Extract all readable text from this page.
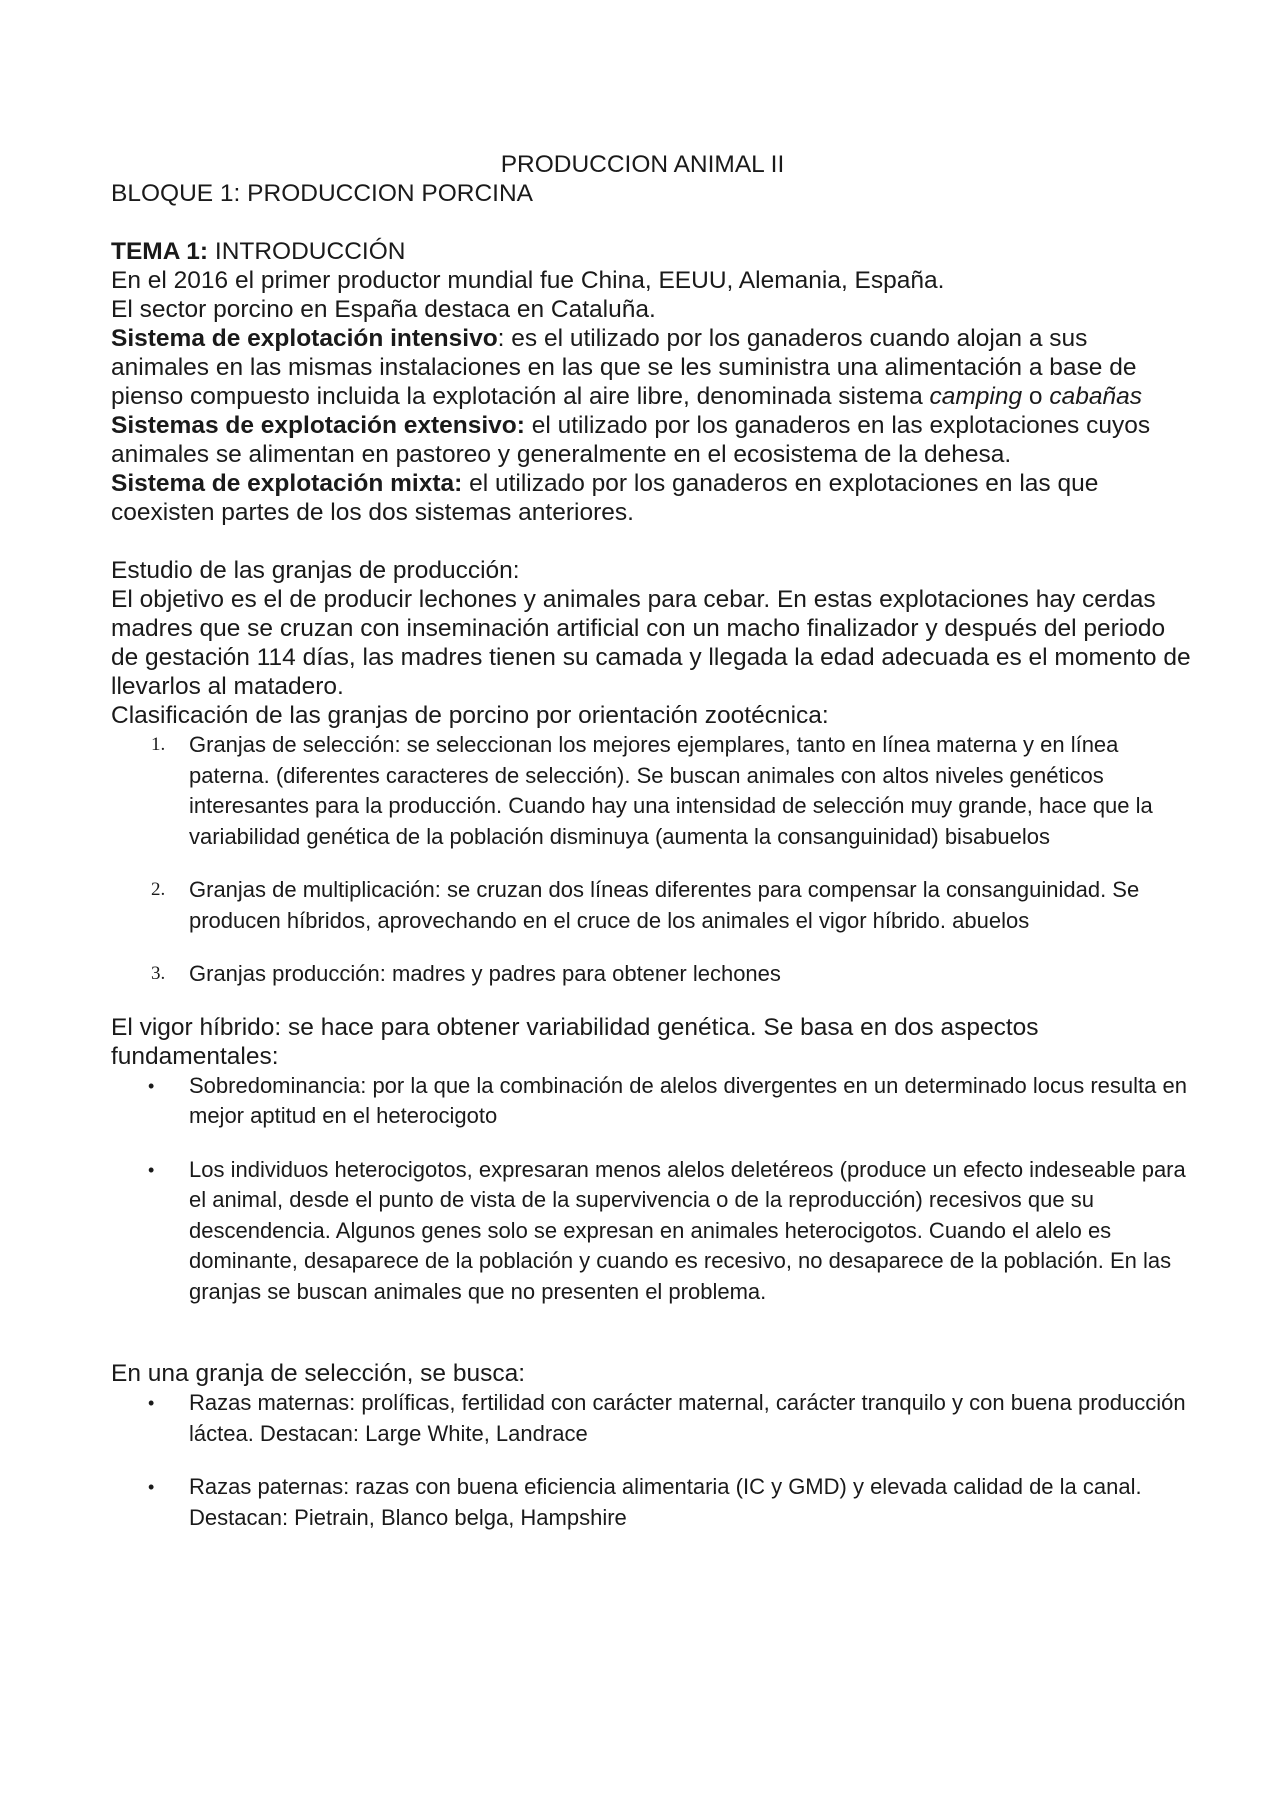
PRODUCCION ANIMAL II

BLOQUE 1: PRODUCCION PORCINA

TEMA 1: INTRODUCCIÓN

En el 2016 el primer productor mundial fue China, EEUU, Alemania, España.

El sector porcino en España destaca en Cataluña.

Sistema de explotación intensivo: es el utilizado por los ganaderos cuando alojan a sus animales en las mismas instalaciones en las que se les suministra una alimentación a base de pienso compuesto incluida la explotación al aire libre, denominada sistema camping o cabañas

Sistemas de explotación extensivo: el utilizado por los ganaderos en las explotaciones cuyos animales se alimentan en pastoreo y generalmente en el ecosistema de la dehesa.

Sistema de explotación mixta: el utilizado por los ganaderos en explotaciones en las que coexisten partes de los dos sistemas anteriores.

Estudio de las granjas de producción:

El objetivo es el de producir lechones y animales para cebar. En estas explotaciones hay cerdas madres que se cruzan con inseminación artificial con un macho finalizador y después del periodo de gestación 114 días, las madres tienen su camada y llegada la edad adecuada es el momento de llevarlos al matadero.

Clasificación de las granjas de porcino por orientación zootécnica:

1. Granjas de selección: se seleccionan los mejores ejemplares, tanto en línea materna y en línea paterna. (diferentes caracteres de selección). Se buscan animales con altos niveles genéticos interesantes para la producción. Cuando hay una intensidad de selección muy grande, hace que la variabilidad genética de la población disminuya (aumenta la consanguinidad) bisabuelos
2. Granjas de multiplicación: se cruzan dos líneas diferentes para compensar la consanguinidad. Se producen híbridos, aprovechando en el cruce de los animales el vigor híbrido. abuelos
3. Granjas producción: madres y padres para obtener lechones

El vigor híbrido: se hace para obtener variabilidad genética. Se basa en dos aspectos fundamentales:

• Sobredominancia: por la que la combinación de alelos divergentes en un determinado locus resulta en mejor aptitud en el heterocigoto
• Los individuos heterocigotos, expresaran menos alelos deletéreos (produce un efecto indeseable para el animal, desde el punto de vista de la supervivencia o de la reproducción) recesivos que su descendencia. Algunos genes solo se expresan en animales heterocigotos. Cuando el alelo es dominante, desaparece de la población y cuando es recesivo, no desaparece de la población. En las granjas se buscan animales que no presenten el problema.

En una granja de selección, se busca:

• Razas maternas: prolíficas, fertilidad con carácter maternal, carácter tranquilo y con buena producción láctea. Destacan: Large White, Landrace
• Razas paternas: razas con buena eficiencia alimentaria (IC y GMD) y elevada calidad de la canal. Destacan: Pietrain, Blanco belga, Hampshire
